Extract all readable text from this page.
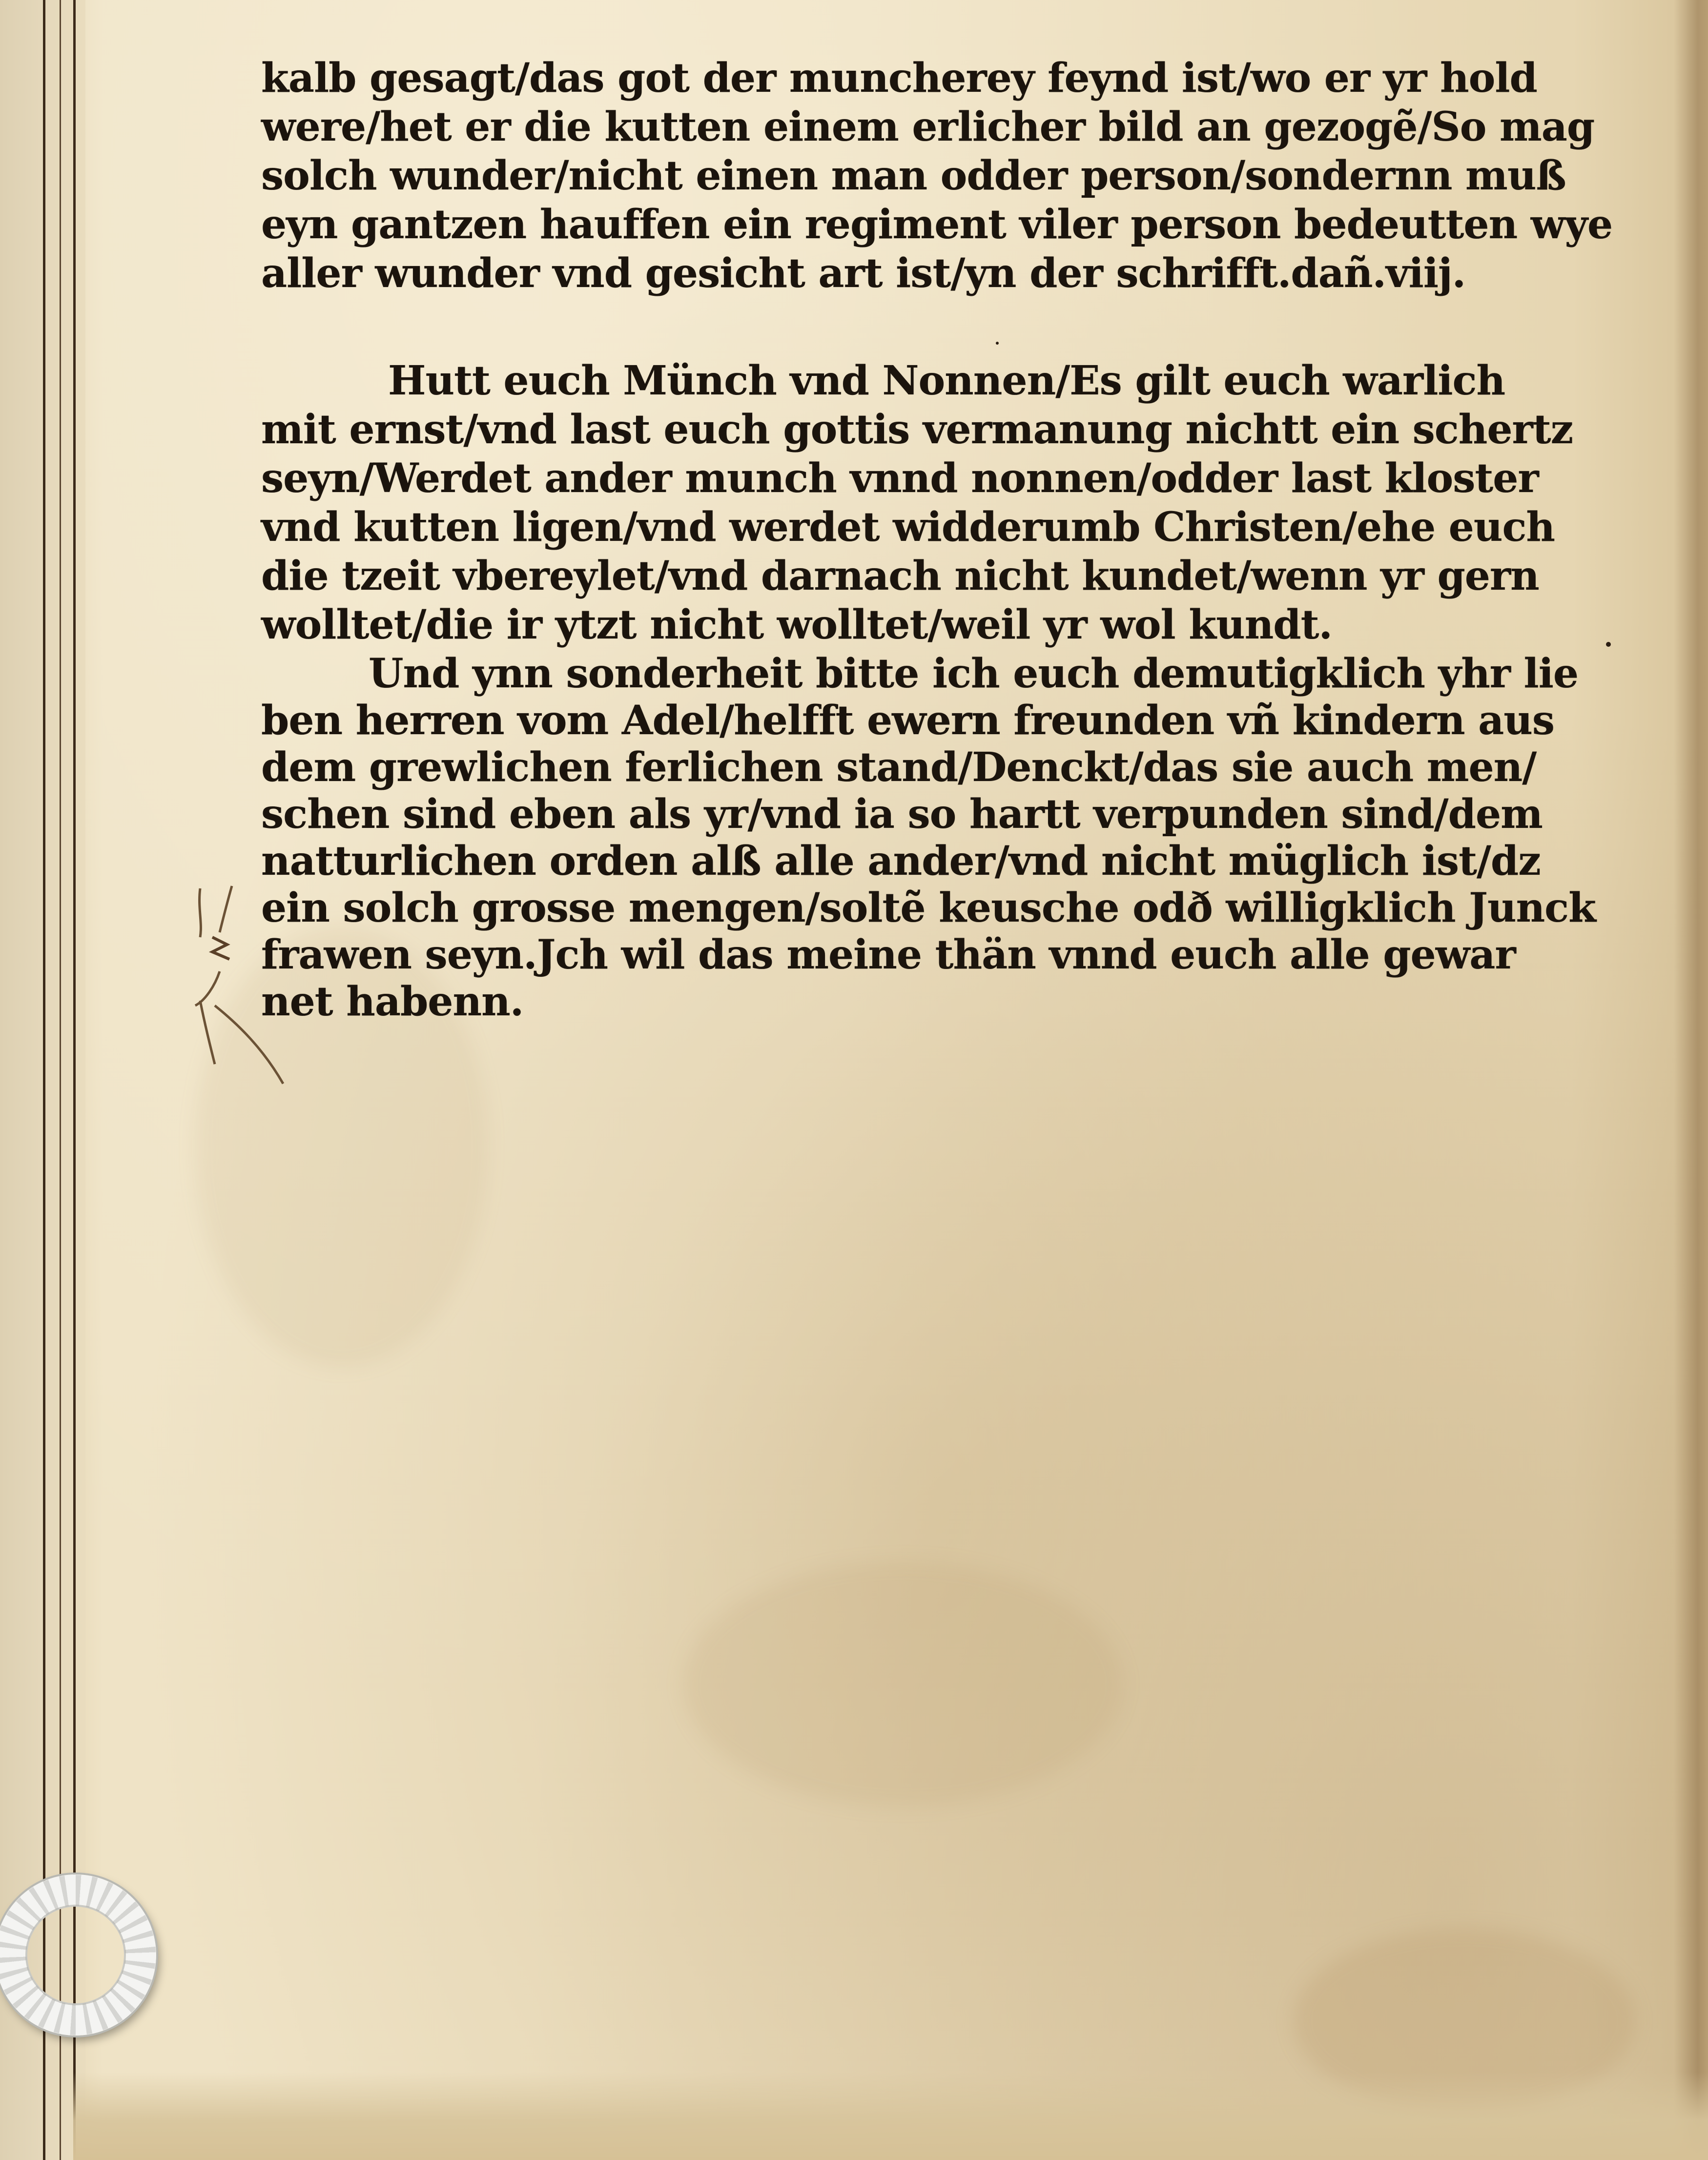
kalb gesagt/das got der muncherey feynd ist/wo er yr hold
were/het er die kutten einem erlicher bild an gezogẽ/So mag
solch wunder/nicht einen man odder person/sondernn muß
eyn gantzen hauffen ein regiment viler person bedeutten wye
aller wunder vnd gesicht art ist/yn der schrifft.dañ.viij.
Hutt euch Münch vnd Nonnen/Es gilt euch warlich
mit ernst/vnd last euch gottis vermanung nichtt ein schertz
seyn/Werdet ander munch vnnd nonnen/odder last kloster
vnd kutten ligen/vnd werdet widderumb Christen/ehe euch
die tzeit vbereylet/vnd darnach nicht kundet/wenn yr gern
wolltet/die ir ytzt nicht wolltet/weil yr wol kundt.
Und ynn sonderheit bitte ich euch demutigklich yhr lie
ben herren vom Adel/helfft ewern freunden vñ kindern aus
dem grewlichen ferlichen stand/Denckt/das sie auch men/
schen sind eben als yr/vnd ia so hartt verpunden sind/dem
natturlichen orden alß alle ander/vnd nicht müglich ist/dz
ein solch grosse mengen/soltẽ keusche odð willigklich Junck
frawen seyn.Jch wil das meine thän vnnd euch alle gewar
net habenn.
